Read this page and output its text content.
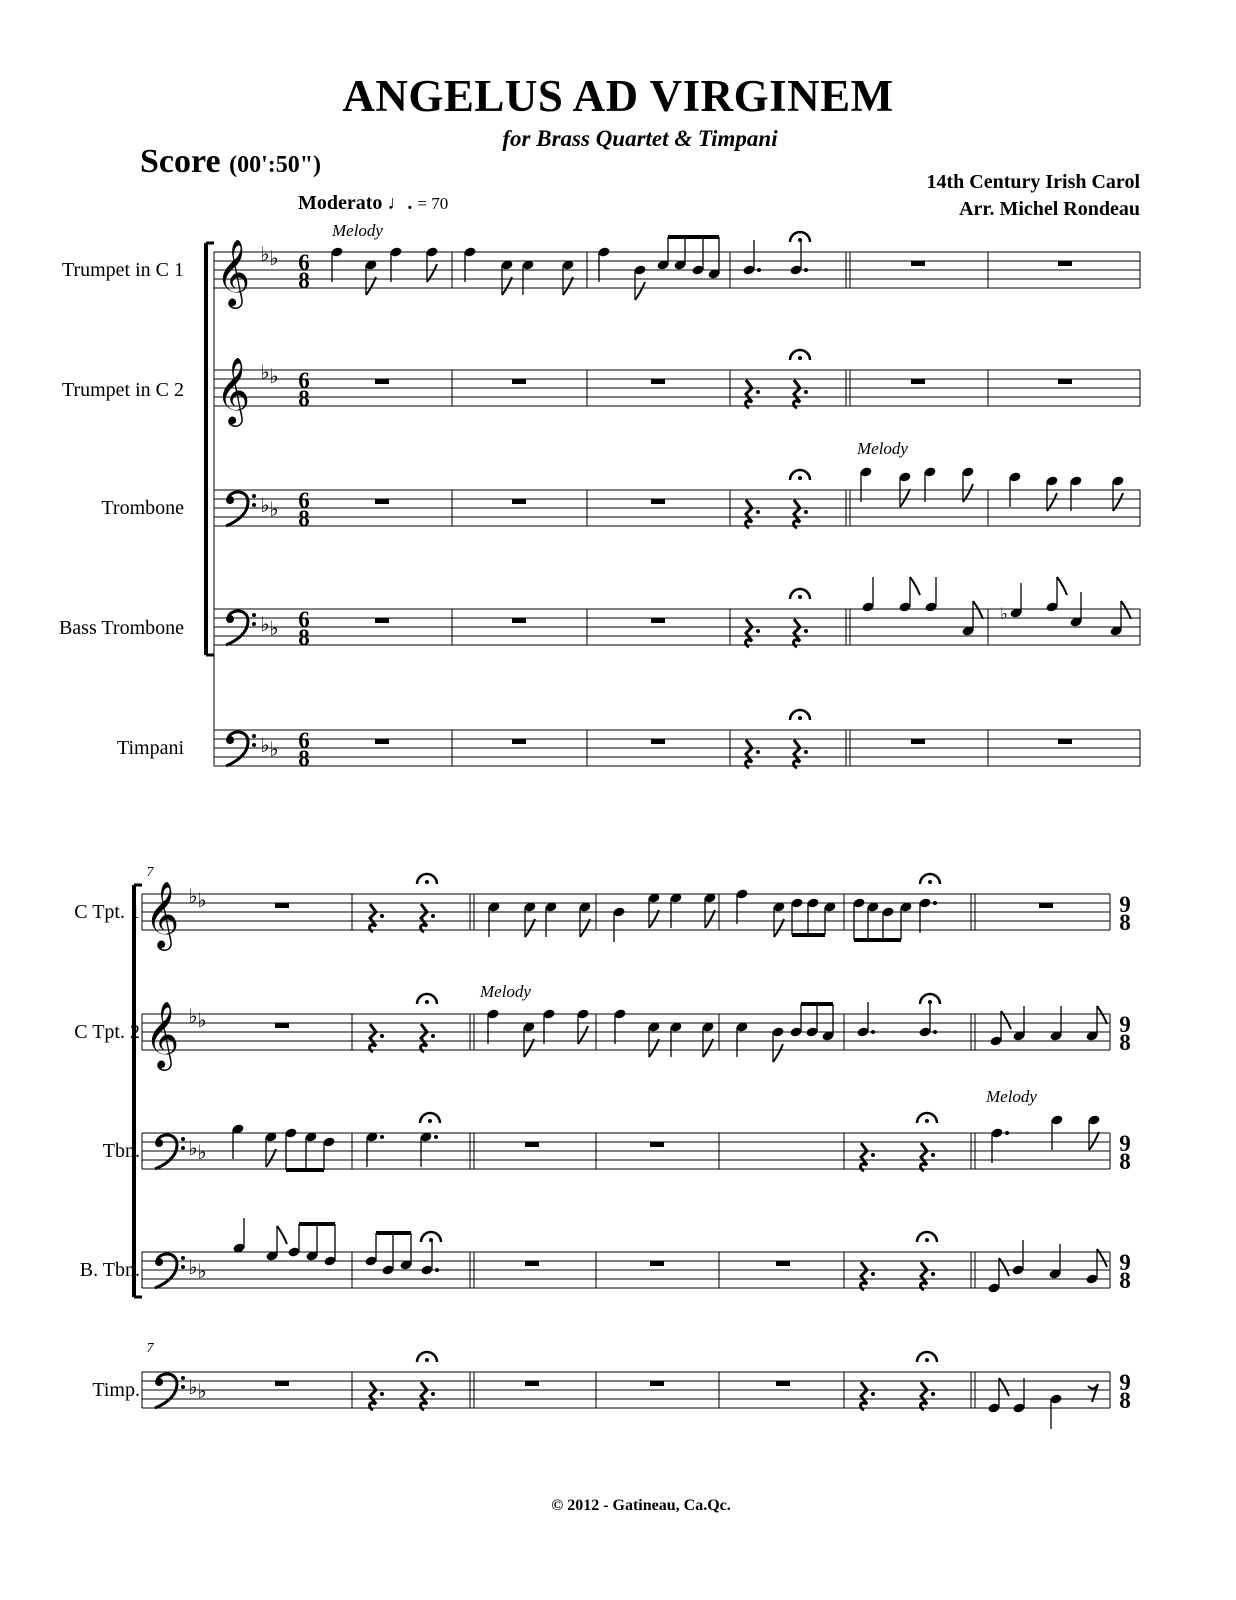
ANGELUS AD VIRGINEM
for Brass Quartet & Timpani
Score (00':50")
14th Century Irish Carol
Arr. Michel Rondeau
Moderato ♩. = 70
Trumpet in C 1
Trumpet in C 2
Trombone
Bass Trombone
Timpani
C Tpt. 1
C Tpt. 2
Tbn.
B. Tbn.
Timp.
𝄞 ♭ ♭ 6
8
𝄞 ♭ ♭ 6
8
♭ ♭ 6
8
♭ ♭ 6
8
♭ ♭ 6
8
Melody
Melody
♭
𝄞 ♭ ♭	9
8
𝄞 ♭ ♭	9
8
♭ ♭	9
8
♭ ♭	9
8
♭ ♭	9
8
7
7
Melody
Melody
© 2012 - Gatineau, Ca.Qc.
